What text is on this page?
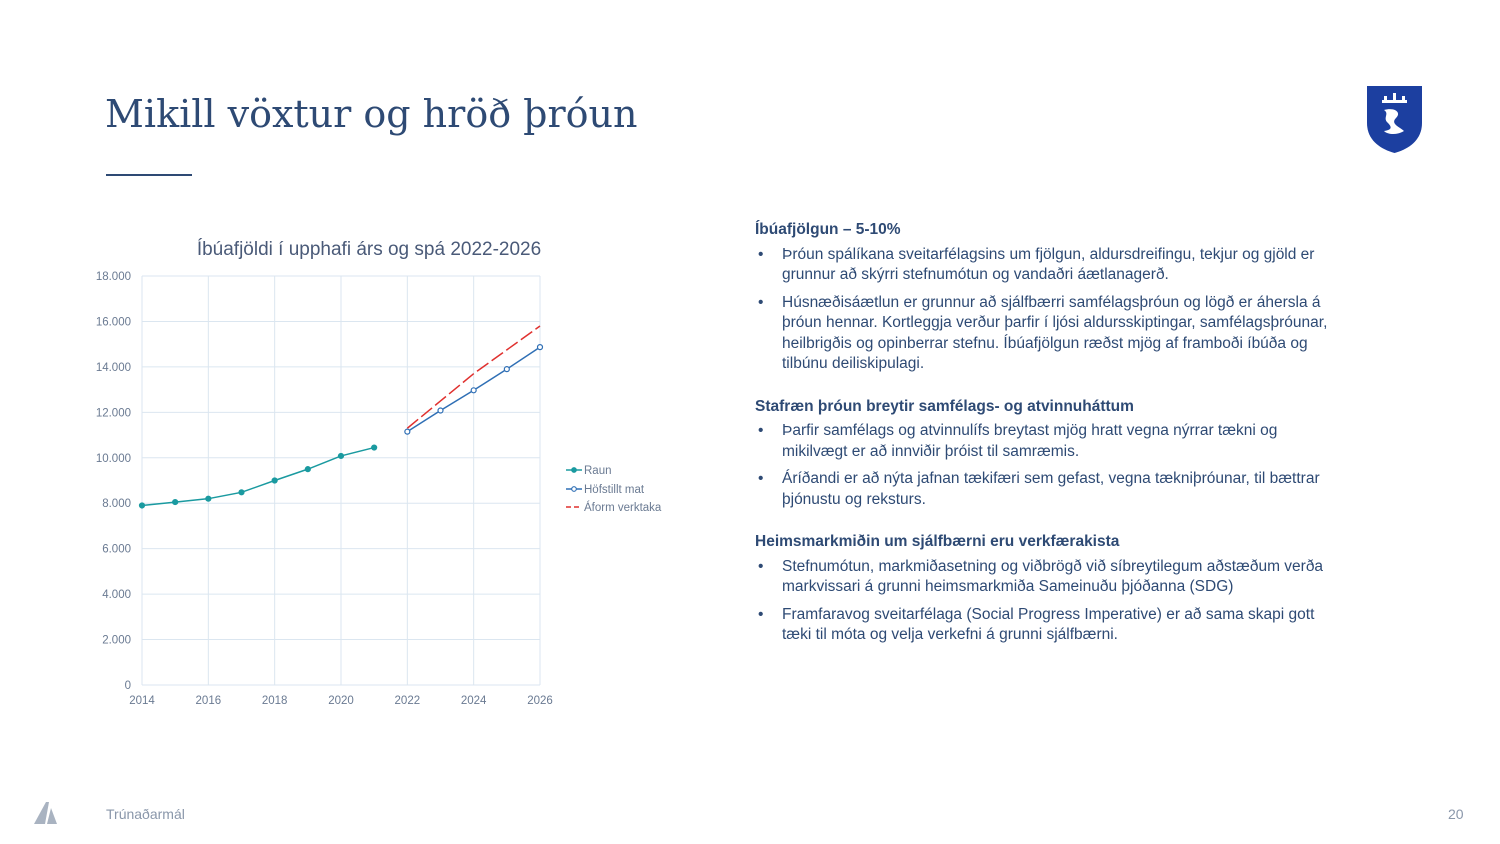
Mikill vöxtur og hröð þróun
Íbúafjöldi í upphafi árs og spá 2022-2026
0
2.000
4.000
6.000
8.000
10.000
12.000
14.000
16.000
18.000
2014	2016	2018	2020	2022	2024	2026
Raun
Höfstillt mat
Áform verktaka
Íbúafjölgun – 5-10%
•	Þróun spálíkana sveitarfélagsins um fjölgun, aldursdreifingu, tekjur og gjöld er grunnur að skýrri stefnumótun og vandaðri áætlanagerð.
•	Húsnæðisáætlun er grunnur að sjálfbærri samfélagsþróun og lögð er áhersla á þróun hennar. Kortleggja verður þarfir í ljósi aldursskiptingar, samfélagsþróunar, heilbrigðis og opinberrar stefnu. Íbúafjölgun ræðst mjög af framboði íbúða og tilbúnu deiliskipulagi.
Stafræn þróun breytir samfélags- og atvinnuháttum
•	Þarfir samfélags og atvinnulífs breytast mjög hratt vegna nýrrar tækni og mikilvægt er að innviðir þróist til samræmis.
•	Áríðandi er að nýta jafnan tækifæri sem gefast, vegna tækniþróunar, til bættrar þjónustu og reksturs.
Heimsmarkmiðin um sjálfbærni eru verkfærakista
•	Stefnumótun, markmiðasetning og viðbrögð við síbreytilegum aðstæðum verða markvissari á grunni heimsmarkmiða Sameinuðu þjóðanna (SDG)
•	Framfaravog sveitarfélaga (Social Progress Imperative) er að sama skapi gott tæki til móta og velja verkefni á grunni sjálfbærni.
Trúnaðarmál	20
